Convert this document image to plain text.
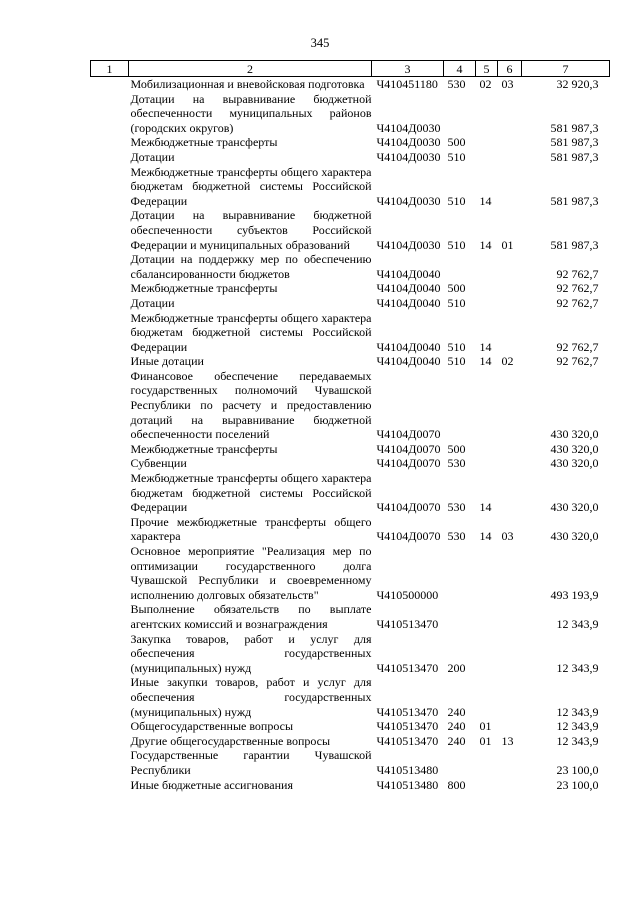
345
1	2	3	4	5	6	7
	Мобилизационная и вневойсковая подготовка	Ч410451180	530	02	03	32 920,3
	Дотации на выравнивание бюджетной обеспеченности муниципальных районов (городских округов)	Ч4104Д0030				581 987,3
	Межбюджетные трансферты	Ч4104Д0030	500			581 987,3
	Дотации	Ч4104Д0030	510			581 987,3
	Межбюджетные трансферты общего характера бюджетам бюджетной системы Российской Федерации	Ч4104Д0030	510	14		581 987,3
	Дотации на выравнивание бюджетной обеспеченности субъектов Российской Федерации и муниципальных образований	Ч4104Д0030	510	14	01	581 987,3
	Дотации на поддержку мер по обеспечению сбалансированности бюджетов	Ч4104Д0040				92 762,7
	Межбюджетные трансферты	Ч4104Д0040	500			92 762,7
	Дотации	Ч4104Д0040	510			92 762,7
	Межбюджетные трансферты общего характера бюджетам бюджетной системы Российской Федерации	Ч4104Д0040	510	14		92 762,7
	Иные дотации	Ч4104Д0040	510	14	02	92 762,7
	Финансовое обеспечение передаваемых государственных полномочий Чувашской Республики по расчету и предоставлению дотаций на выравнивание бюджетной обеспеченности поселений	Ч4104Д0070				430 320,0
	Межбюджетные трансферты	Ч4104Д0070	500			430 320,0
	Субвенции	Ч4104Д0070	530			430 320,0
	Межбюджетные трансферты общего характера бюджетам бюджетной системы Российской Федерации	Ч4104Д0070	530	14		430 320,0
	Прочие межбюджетные трансферты общего характера	Ч4104Д0070	530	14	03	430 320,0
	Основное мероприятие "Реализация мер по оптимизации государственного долга Чувашской Республики и своевременному исполнению долговых обязательств"	Ч410500000				493 193,9
	Выполнение обязательств по выплате агентских комиссий и вознаграждения	Ч410513470				12 343,9
	Закупка товаров, работ и услуг для обеспечения государственных (муниципальных) нужд	Ч410513470	200			12 343,9
	Иные закупки товаров, работ и услуг для обеспечения государственных (муниципальных) нужд	Ч410513470	240			12 343,9
	Общегосударственные вопросы	Ч410513470	240	01		12 343,9
	Другие общегосударственные вопросы	Ч410513470	240	01	13	12 343,9
	Государственные гарантии Чувашской Республики	Ч410513480				23 100,0
	Иные бюджетные ассигнования	Ч410513480	800			23 100,0
